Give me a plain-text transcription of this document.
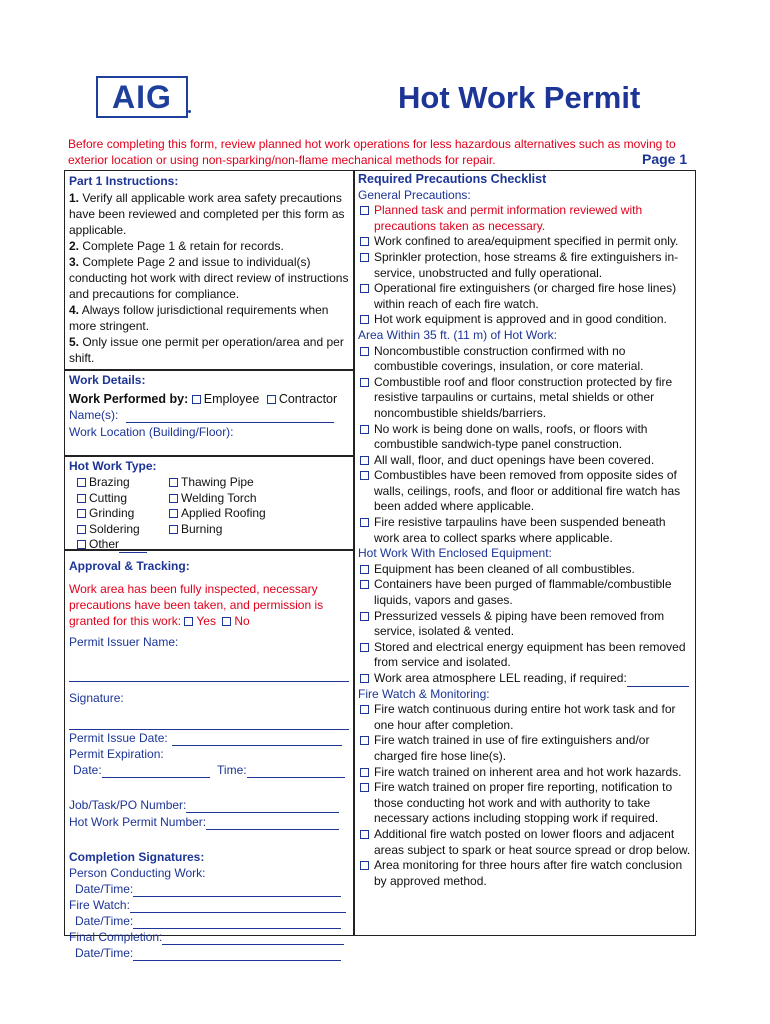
AIG	Hot Work Permit
Before completing this form, review planned hot work operations for less hazardous alternatives such as moving to exterior location or using non-sparking/non-flame mechanical methods for repair.	Page 1
Part 1 Instructions:

1. Verify all applicable work area safety precautions have been reviewed and completed per this form as applicable.

2. Complete Page 1 & retain for records.

3. Complete Page 2 and issue to individual(s) conducting hot work with direct review of instructions and precautions for compliance.

4. Always follow jurisdictional requirements when more stringent.

5. Only issue one permit per operation/area and per shift.

Work Details:
Work Performed by: Employee Contractor
Name(s):
Work Location (Building/Floor):
Hot Work Type:
Brazing
Cutting
Grinding
Soldering
Other
Thawing Pipe
Welding Torch
Applied Roofing
Burning
Approval & Tracking:
Work area has been fully inspected, necessary precautions have been taken, and permission is granted for this work: Yes No
Permit Issuer Name:
Signature:
Permit Issue Date:
Permit Expiration:
Date:	Time:
Job/Task/PO Number:
Hot Work Permit Number:
Completion Signatures:
Person Conducting Work:
Date/Time:
Fire Watch:
Date/Time:
Final Completion:
Date/Time:
Required Precautions Checklist
General Precautions:
Planned task and permit information reviewed with precautions taken as necessary.
Work confined to area/equipment specified in permit only.
Sprinkler protection, hose streams & fire extinguishers in-service, unobstructed and fully operational.
Operational fire extinguishers (or charged fire hose lines) within reach of each fire watch.
Hot work equipment is approved and in good condition.
Area Within 35 ft. (11 m) of Hot Work:
Noncombustible construction confirmed with no combustible coverings, insulation, or core material.
Combustible roof and floor construction protected by fire resistive tarpaulins or curtains, metal shields or other noncombustible shields/barriers.
No work is being done on walls, roofs, or floors with combustible sandwich-type panel construction.
All wall, floor, and duct openings have been covered.
Combustibles have been removed from opposite sides of walls, ceilings, roofs, and floor or additional fire watch has been added where applicable.
Fire resistive tarpaulins have been suspended beneath work area to collect sparks where applicable.
Hot Work With Enclosed Equipment:
Equipment has been cleaned of all combustibles.
Containers have been purged of flammable/combustible liquids, vapors and gases.
Pressurized vessels & piping have been removed from service, isolated & vented.
Stored and electrical energy equipment has been removed from service and isolated.
Work area atmosphere LEL reading, if required:
Fire Watch & Monitoring:
Fire watch continuous during entire hot work task and for one hour after completion.
Fire watch trained in use of fire extinguishers and/or charged fire hose line(s).
Fire watch trained on inherent area and hot work hazards.
Fire watch trained on proper fire reporting, notification to those conducting hot work and with authority to take necessary actions including stopping work if required.
Additional fire watch posted on lower floors and adjacent areas subject to spark or heat source spread or drop below.
Area monitoring for three hours after fire watch conclusion by approved method.
